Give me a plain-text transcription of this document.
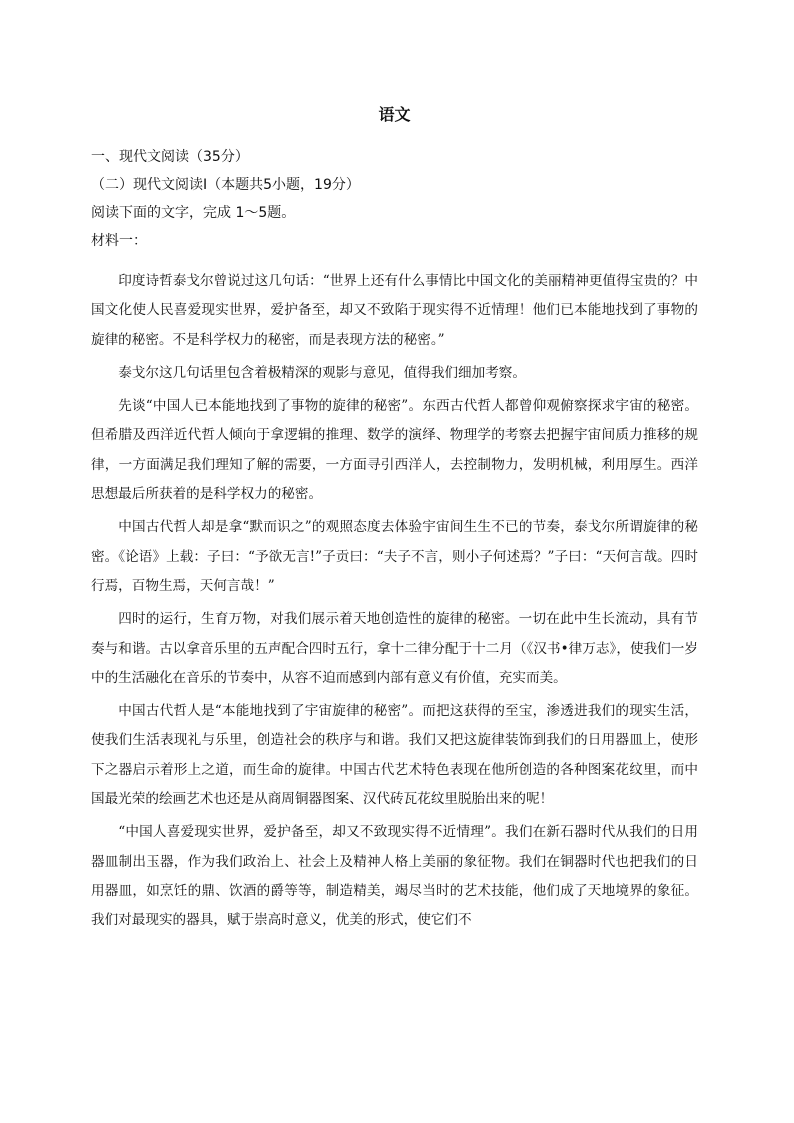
语文

一、现代文阅读（35分）

（二）现代文阅读Ⅰ（本题共5小题，19分）

阅读下面的文字，完成 1～5题。

材料一：

印度诗哲泰戈尔曾说过这几句话：“世界上还有什么事情比中国文化的美丽精神更值得宝贵的？中国文化使人民喜爱现实世界，爱护备至，却又不致陷于现实得不近情理！他们已本能地找到了事物的旋律的秘密。不是科学权力的秘密，而是表现方法的秘密。”

泰戈尔这几句话里包含着极精深的观影与意见，值得我们细加考察。

先谈“中国人已本能地找到了事物的旋律的秘密”。东西古代哲人都曾仰观俯察探求宇宙的秘密。但希腊及西洋近代哲人倾向于拿逻辑的推理、数学的演绎、物理学的考察去把握宇宙间质力推移的规律，一方面满足我们理知了解的需要，一方面寻引西洋人，去控制物力，发明机械，利用厚生。西洋思想最后所获着的是科学权力的秘密。

中国古代哲人却是拿“默而识之”的观照态度去体验宇宙间生生不已的节奏，泰戈尔所谓旋律的秘密。《论语》上载：子曰：“予欲无言!”子贡曰：“夫子不言，则小子何述焉？”子曰：“天何言哉。四时行焉，百物生焉，天何言哉！”

四时的运行，生育万物，对我们展示着天地创造性的旋律的秘密。一切在此中生长流动，具有节奏与和谐。古以拿音乐里的五声配合四时五行，拿十二律分配于十二月（《汉书•律万志》，使我们一岁中的生活融化在音乐的节奏中，从容不迫而感到内部有意义有价值，充实而美。

中国古代哲人是“本能地找到了宇宙旋律的秘密”。而把这获得的至宝，渗透进我们的现实生活，使我们生活表现礼与乐里，创造社会的秩序与和谐。我们又把这旋律装饰到我们的日用器皿上，使形下之器启示着形上之道，而生命的旋律。中国古代艺术特色表现在他所创造的各种图案花纹里，而中国最光荣的绘画艺术也还是从商周铜器图案、汉代砖瓦花纹里脱胎出来的呢！

“中国人喜爱现实世界，爱护备至，却又不致现实得不近情理”。我们在新石器时代从我们的日用器皿制出玉器，作为我们政治上、社会上及精神人格上美丽的象征物。我们在铜器时代也把我们的日用器皿，如烹饪的鼎、饮酒的爵等等，制造精美，竭尽当时的艺术技能，他们成了天地境界的象征。我们对最现实的器具，赋于崇高时意义，优美的形式，使它们不
